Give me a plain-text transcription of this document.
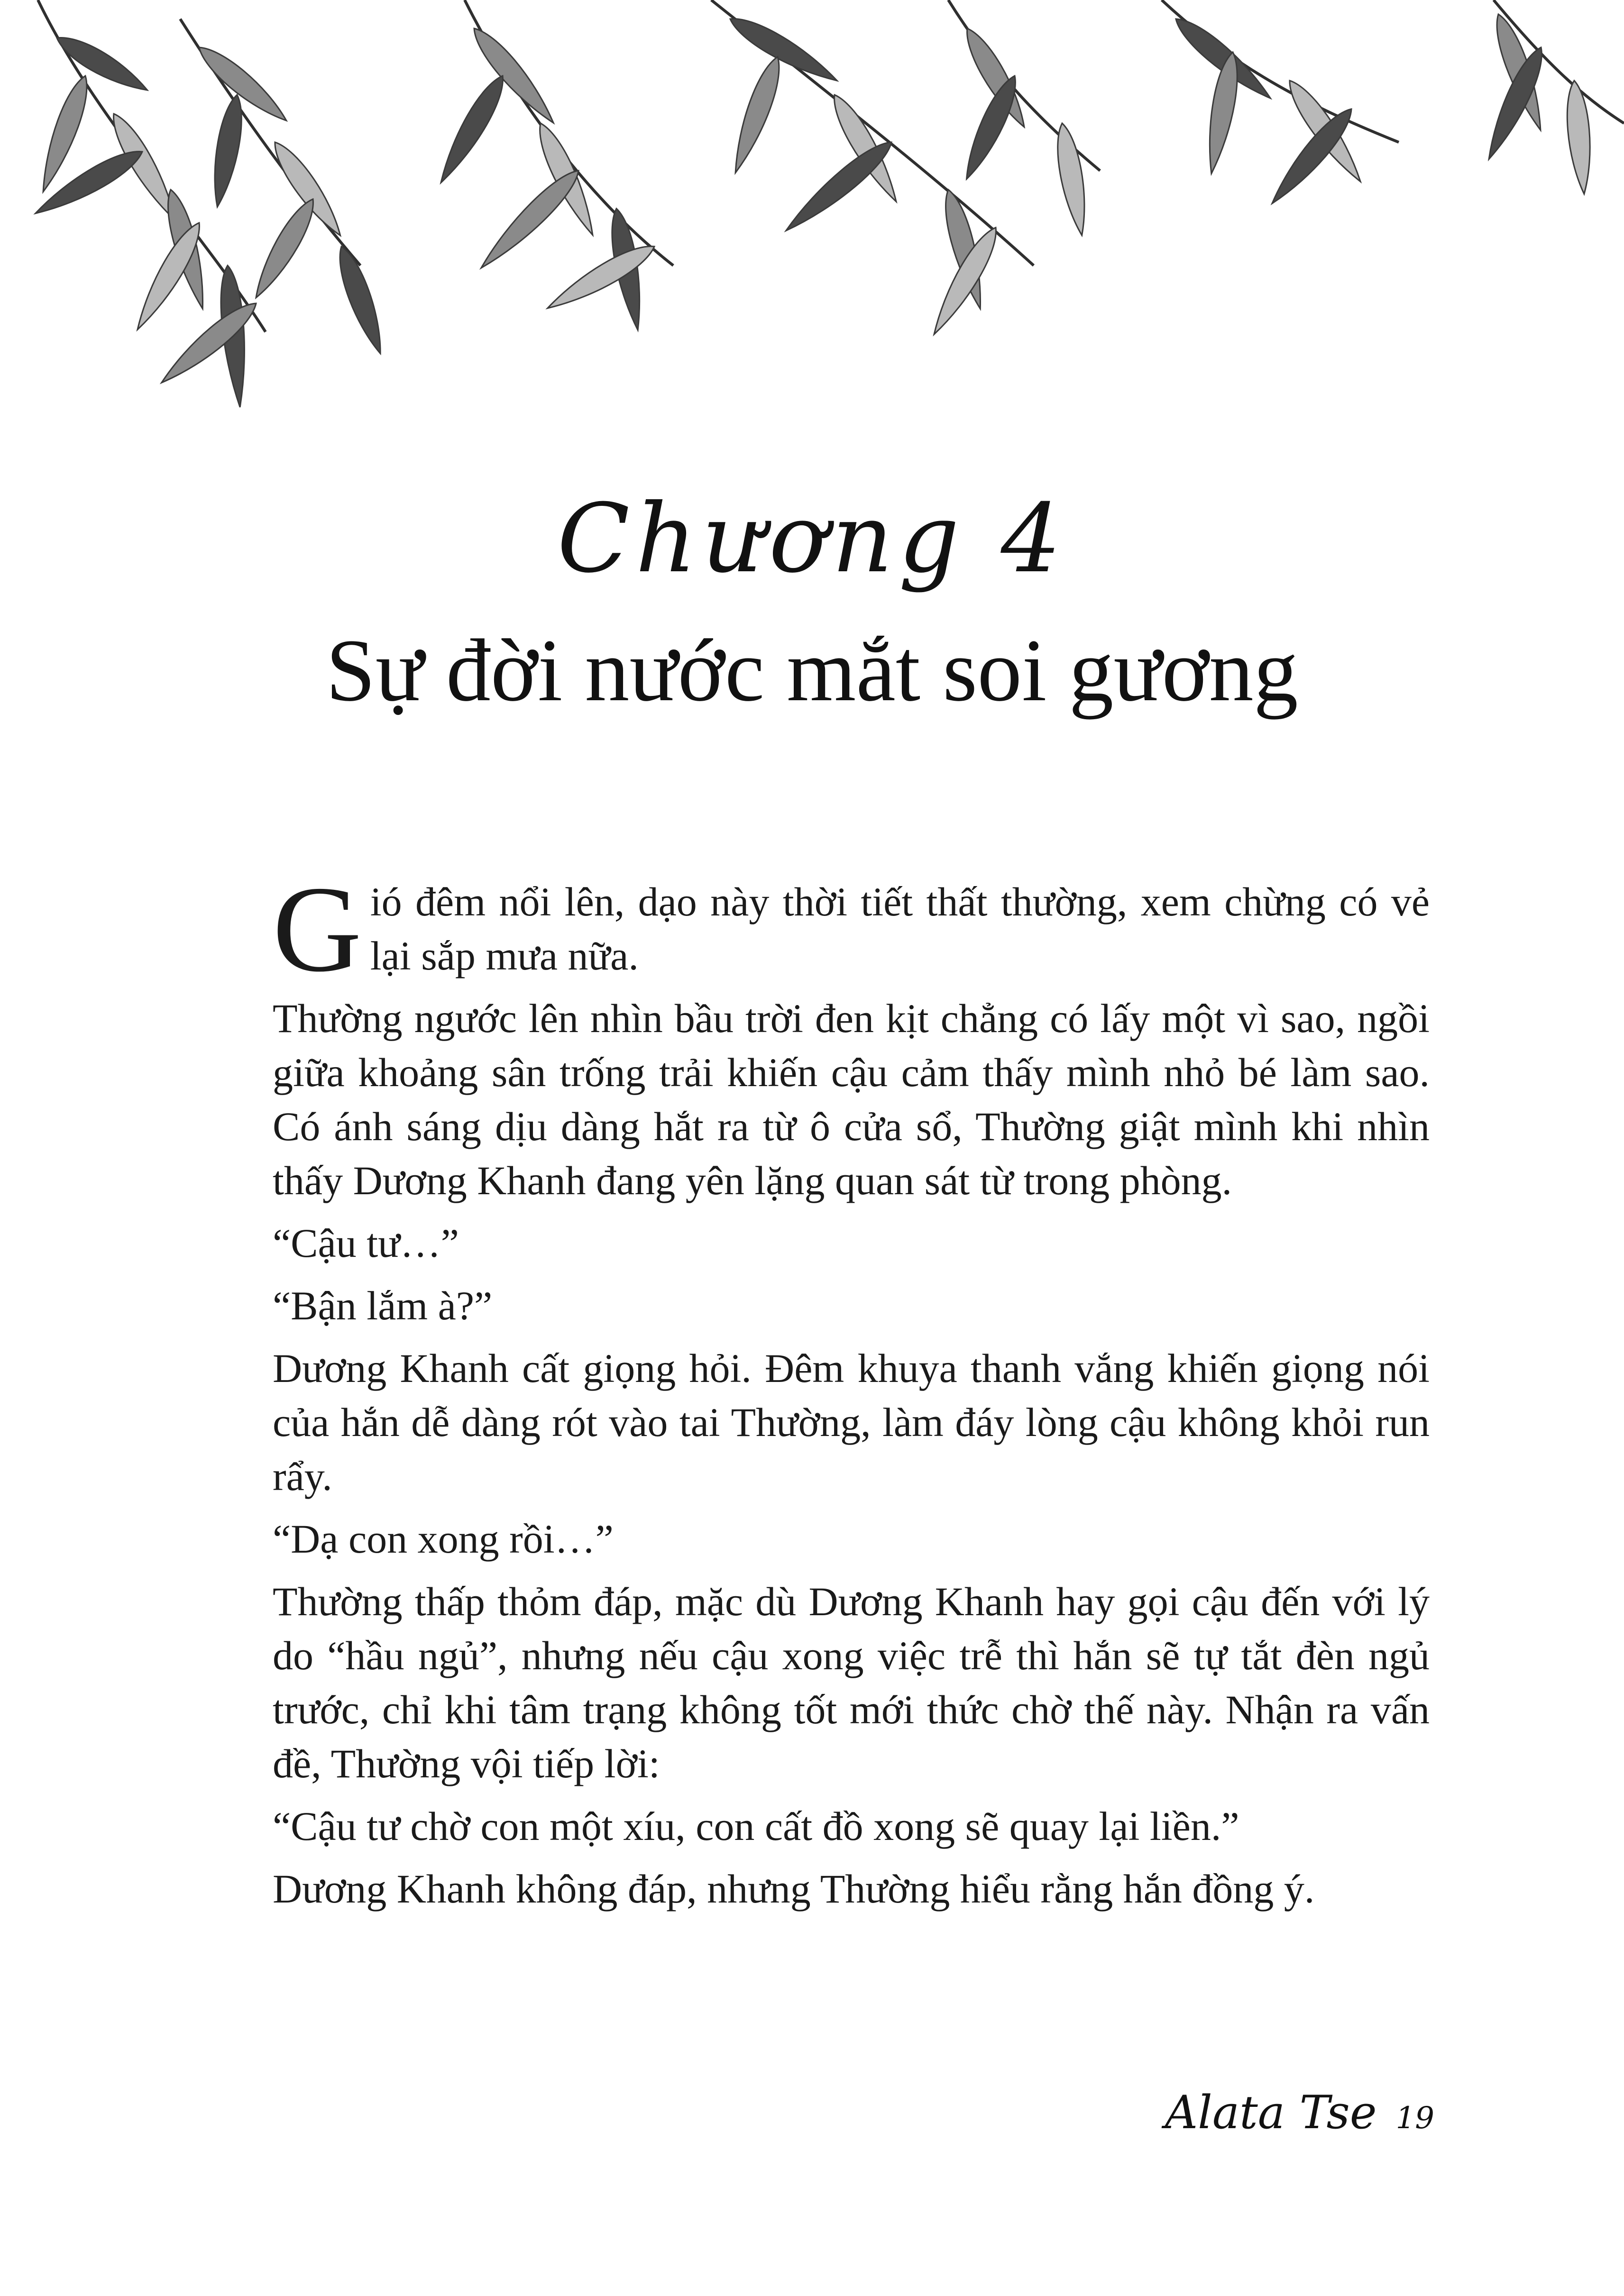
Chương 4
Sự đời nước mắt soi gương

Gió đêm nổi lên, dạo này thời tiết thất thường, xem chừng có vẻ lại sắp mưa nữa.

Thường ngước lên nhìn bầu trời đen kịt chẳng có lấy một vì sao, ngồi giữa khoảng sân trống trải khiến cậu cảm thấy mình nhỏ bé làm sao. Có ánh sáng dịu dàng hắt ra từ ô cửa sổ, Thường giật mình khi nhìn thấy Dương Khanh đang yên lặng quan sát từ trong phòng.

“Cậu tư…”

“Bận lắm à?”

Dương Khanh cất giọng hỏi. Đêm khuya thanh vắng khiến giọng nói của hắn dễ dàng rót vào tai Thường, làm đáy lòng cậu không khỏi run rẩy.

“Dạ con xong rồi…”

Thường thấp thỏm đáp, mặc dù Dương Khanh hay gọi cậu đến với lý do “hầu ngủ”, nhưng nếu cậu xong việc trễ thì hắn sẽ tự tắt đèn ngủ trước, chỉ khi tâm trạng không tốt mới thức chờ thế này. Nhận ra vấn đề, Thường vội tiếp lời:

“Cậu tư chờ con một xíu, con cất đồ xong sẽ quay lại liền.”

Dương Khanh không đáp, nhưng Thường hiểu rằng hắn đồng ý.

Alata Tse 19
